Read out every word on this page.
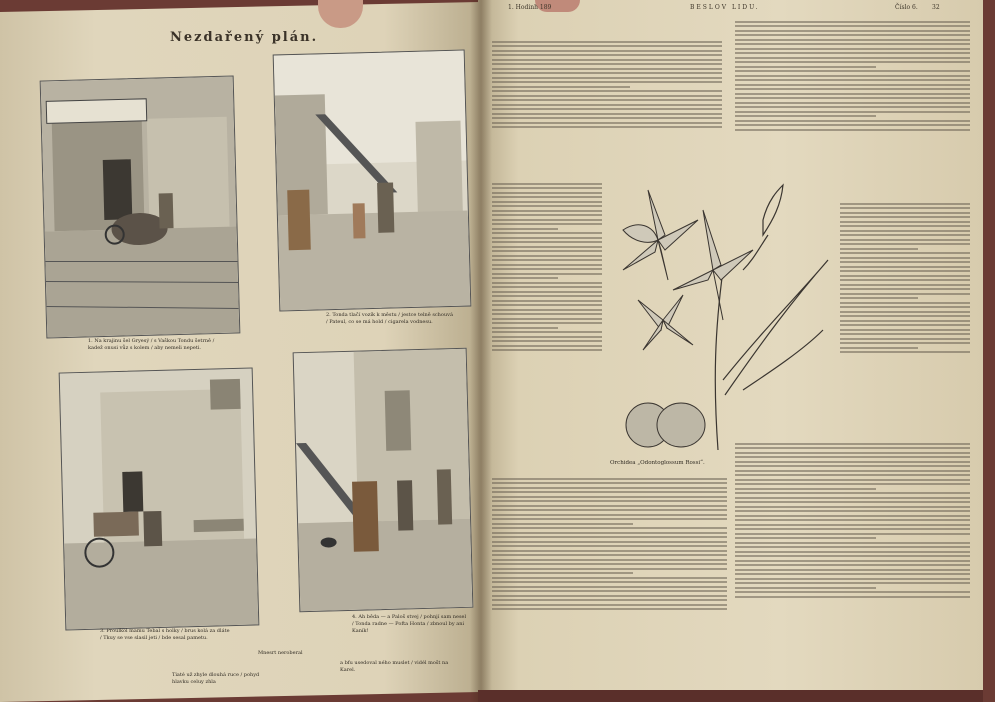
Nezdařený plán.
1. Na krajinu šel Gryesý / s Vaškou Tondu šetrně / kadež onusi vůz s kolem / aby nemeli nepeti.
2. Tonda tlačí vozík k městu / jestce telně schouvá / Pateul, co se má hold / cigarela vodnesu.
3. Proulkol mamu Tebal s holky / brus kolá za dláte / Tkuy se vse slasil jeti / bde sesal pametu.
4. Ah běda — a Paloš stvej / pohnjí sam nesel / Tonda radne — Pofta Honta / zbnoul by ani Kaník!
Tiaté už zhyle dlouhá ruce / pohyd hlavku celuy zhla
Mnesrt neroberal
a bfu usedoval ného muslet / vidél mošt na Karel.
1. Hodinh 189	BESLOV LIDU.	Číslo 6. 32
Orchidea „Odontoglossum Rossi“.
